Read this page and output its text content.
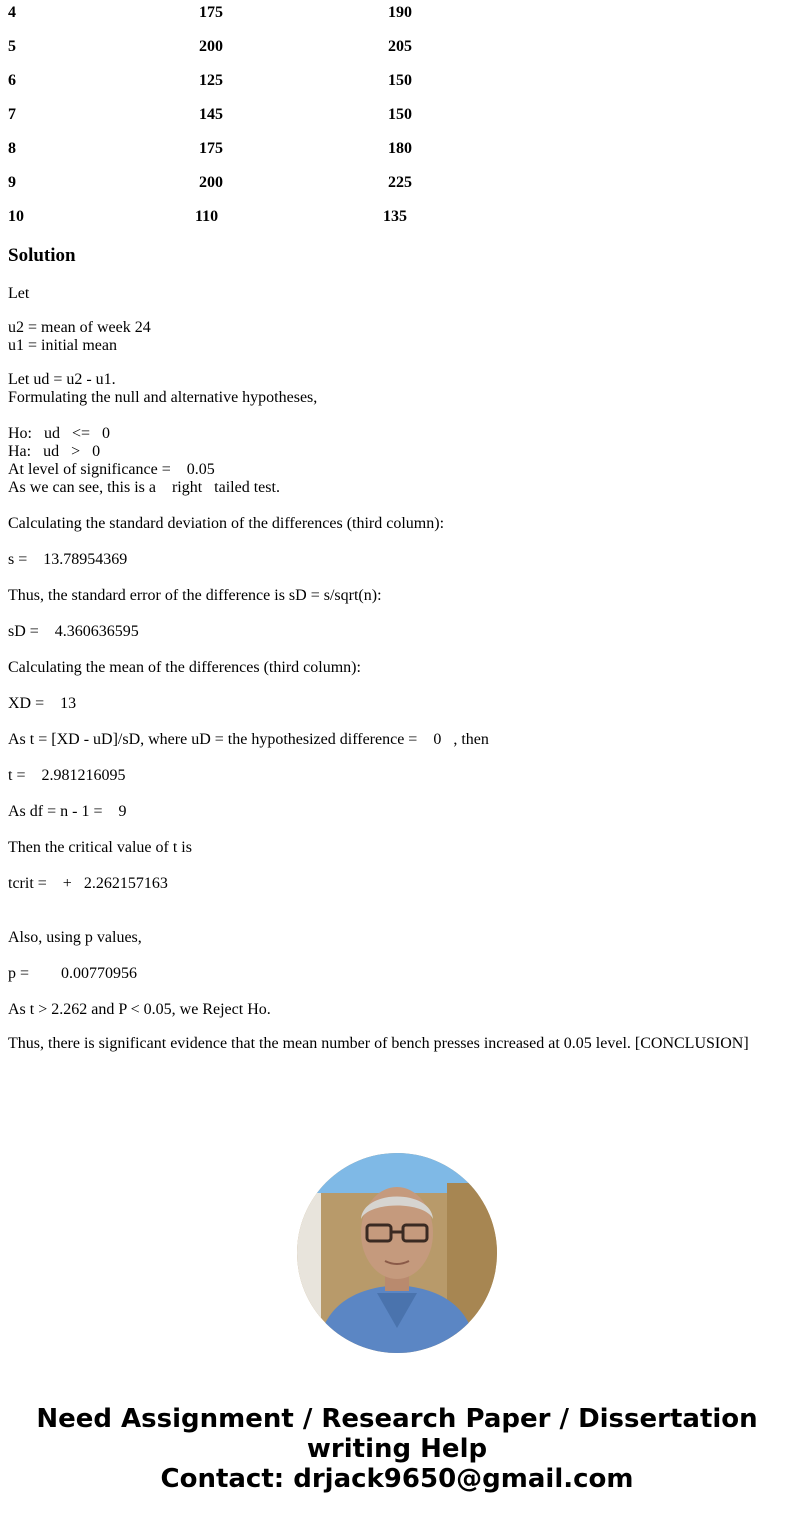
4	175	190
5	200	205
6	125	150
7	145	150
8	175	180
9	200	225
10	110	135
Solution
Let
u2 = mean of week 24
u1 = initial mean
Let ud = u2 - u1.
Formulating the null and alternative hypotheses,
Ho:   ud   <=   0
Ha:   ud   >   0
At level of significance =    0.05
As we can see, this is a    right   tailed test.
Calculating the standard deviation of the differences (third column):
s =    13.78954369
Thus, the standard error of the difference is sD = s/sqrt(n):
sD =    4.360636595
Calculating the mean of the differences (third column):
XD =    13
As t = [XD - uD]/sD, where uD = the hypothesized difference =    0   , then
t =    2.981216095
As df = n - 1 =    9
Then the critical value of t is
tcrit =    +   2.262157163
Also, using p values,
p =        0.00770956
As t > 2.262 and P < 0.05, we Reject Ho.
Thus, there is significant evidence that the mean number of bench presses increased at 0.05 level. [CONCLUSION]
Need Assignment / Research Paper / Dissertation
writing Help
Contact: drjack9650@gmail.com
